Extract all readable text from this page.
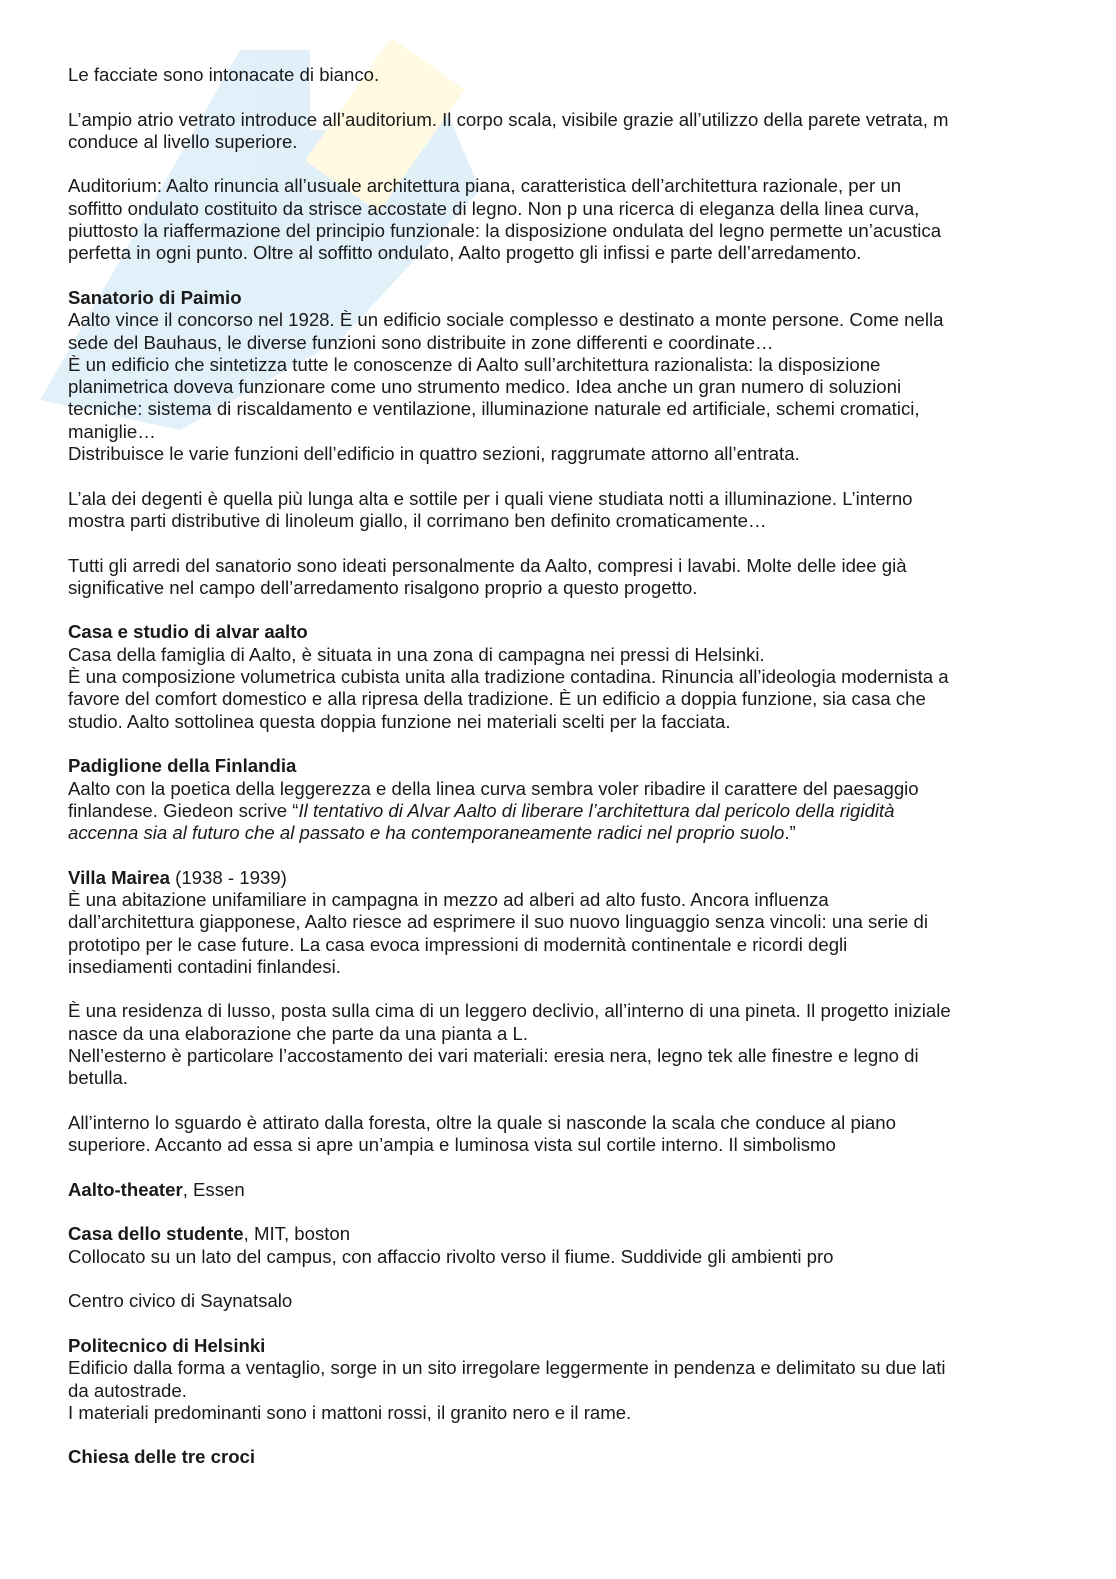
Le facciate sono intonacate di bianco.
L’ampio atrio vetrato introduce all’auditorium. Il corpo scala, visibile grazie all’utilizzo della parete vetrata, m
conduce al livello superiore.
Auditorium: Aalto rinuncia all’usuale architettura piana, caratteristica dell’architettura razionale, per un
soffitto ondulato costituito da strisce accostate di legno. Non p una ricerca di eleganza della linea curva,
piuttosto la riaffermazione del principio funzionale: la disposizione ondulata del legno permette un’acustica
perfetta in ogni punto. Oltre al soffitto ondulato, Aalto progetto gli infissi e parte dell’arredamento.
Sanatorio di Paimio
Aalto vince il concorso nel 1928. È un edificio sociale complesso e destinato a monte persone. Come nella
sede del Bauhaus, le diverse funzioni sono distribuite in zone differenti e coordinate…
È un edificio che sintetizza tutte le conoscenze di Aalto sull’architettura razionalista: la disposizione
planimetrica doveva funzionare come uno strumento medico. Idea anche un gran numero di soluzioni
tecniche: sistema di riscaldamento e ventilazione, illuminazione naturale ed artificiale, schemi cromatici,
maniglie…
Distribuisce le varie funzioni dell’edificio in quattro sezioni, raggrumate attorno all’entrata.
L’ala dei degenti è quella più lunga alta e sottile per i quali viene studiata notti a illuminazione. L’interno
mostra parti distributive di linoleum giallo, il corrimano ben definito cromaticamente…
Tutti gli arredi del sanatorio sono ideati personalmente da Aalto, compresi i lavabi. Molte delle idee già
significative nel campo dell’arredamento risalgono proprio a questo progetto.
Casa e studio di alvar aalto
Casa della famiglia di Aalto, è situata in una zona di campagna nei pressi di Helsinki.
È una composizione volumetrica cubista unita alla tradizione contadina. Rinuncia all’ideologia modernista a
favore del comfort domestico e alla ripresa della tradizione. È un edificio a doppia funzione, sia casa che
studio. Aalto sottolinea questa doppia funzione nei materiali scelti per la facciata.
Padiglione della Finlandia
Aalto con la poetica della leggerezza e della linea curva sembra voler ribadire il carattere del paesaggio
finlandese. Giedeon scrive “Il tentativo di Alvar Aalto di liberare l’architettura dal pericolo della rigidità
accenna sia al futuro che al passato e ha contemporaneamente radici nel proprio suolo.”
Villa Mairea (1938 - 1939)
È una abitazione unifamiliare in campagna in mezzo ad alberi ad alto fusto. Ancora influenza
dall’architettura giapponese, Aalto riesce ad esprimere il suo nuovo linguaggio senza vincoli: una serie di
prototipo per le case future. La casa evoca impressioni di modernità continentale e ricordi degli
insediamenti contadini finlandesi.
È una residenza di lusso, posta sulla cima di un leggero declivio, all’interno di una pineta. Il progetto iniziale
nasce da una elaborazione che parte da una pianta a L.
Nell’esterno è particolare l’accostamento dei vari materiali: eresia nera, legno tek alle finestre e legno di
betulla.
All’interno lo sguardo è attirato dalla foresta, oltre la quale si nasconde la scala che conduce al piano
superiore. Accanto ad essa si apre un’ampia e luminosa vista sul cortile interno. Il simbolismo
Aalto-theater, Essen
Casa dello studente, MIT, boston
Collocato su un lato del campus, con affaccio rivolto verso il fiume. Suddivide gli ambienti pro
Centro civico di Saynatsalo
Politecnico di Helsinki
Edificio dalla forma a ventaglio, sorge in un sito irregolare leggermente in pendenza e delimitato su due lati
da autostrade.
I materiali predominanti sono i mattoni rossi, il granito nero e il rame.
Chiesa delle tre croci
